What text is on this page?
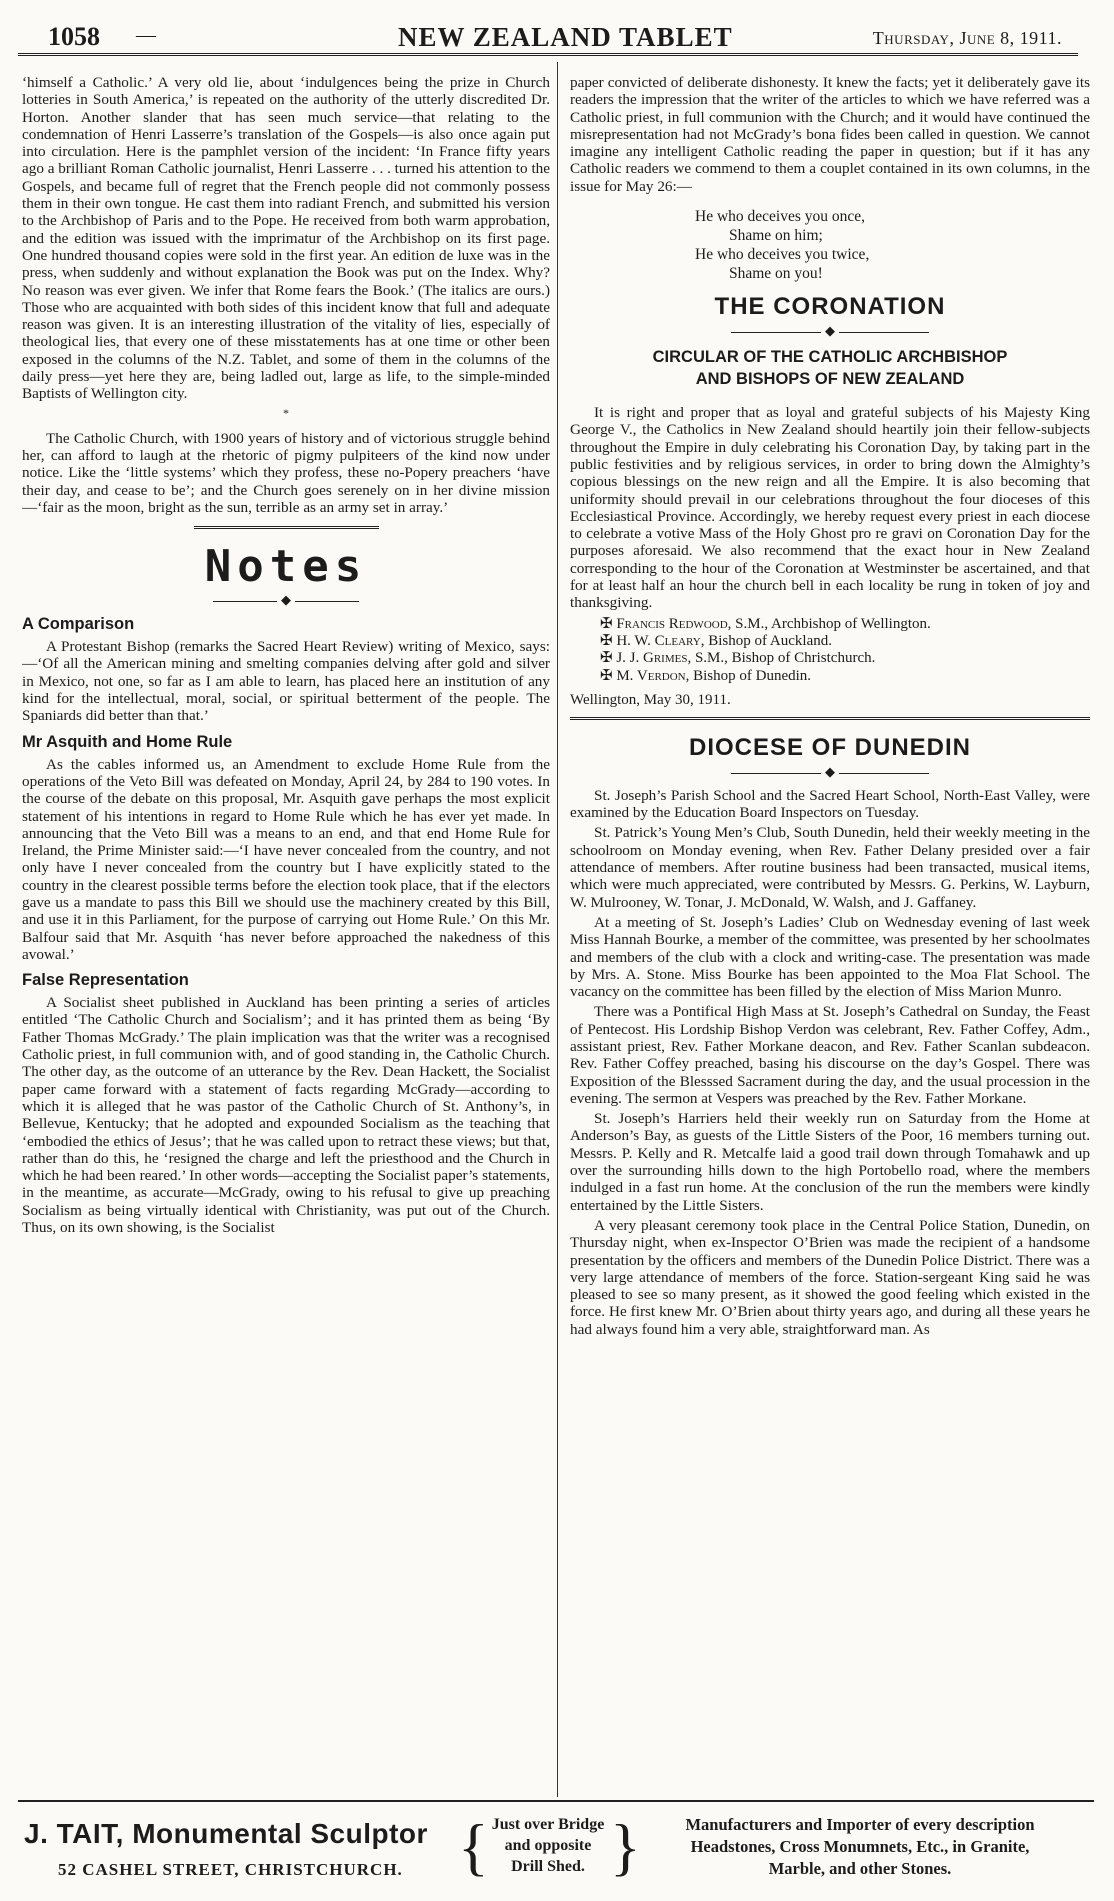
1058 —	NEW ZEALAND TABLET	Thursday, June 8, 1911.

‘himself a Catholic.’ A very old lie, about ‘indulgences being the prize in Church lotteries in South America,’ is repeated on the authority of the utterly discredited Dr. Horton. Another slander that has seen much service—that relating to the condemnation of Henri Lasserre’s translation of the Gospels—is also once again put into circulation. Here is the pamphlet version of the incident: ‘In France fifty years ago a brilliant Roman Catholic journalist, Henri Lasserre . . . turned his attention to the Gospels, and became full of regret that the French people did not commonly possess them in their own tongue. He cast them into radiant French, and submitted his version to the Archbishop of Paris and to the Pope. He received from both warm approbation, and the edition was issued with the imprimatur of the Archbishop on its first page. One hundred thousand copies were sold in the first year. An edition de luxe was in the press, when suddenly and without explanation the Book was put on the Index. Why? No reason was ever given. We infer that Rome fears the Book.’ (The italics are ours.) Those who are acquainted with both sides of this incident know that full and adequate reason was given. It is an interesting illustration of the vitality of lies, especially of theological lies, that every one of these misstatements has at one time or other been exposed in the columns of the N.Z. Tablet, and some of them in the columns of the daily press—yet here they are, being ladled out, large as life, to the simple-minded Baptists of Wellington city.

*

The Catholic Church, with 1900 years of history and of victorious struggle behind her, can afford to laugh at the rhetoric of pigmy pulpiteers of the kind now under notice. Like the ‘little systems’ which they profess, these no-Popery preachers ‘have their day, and cease to be’; and the Church goes serenely on in her divine mission—‘fair as the moon, bright as the sun, terrible as an army set in array.’

Notes
◆
A Comparison

A Protestant Bishop (remarks the Sacred Heart Review) writing of Mexico, says:—‘Of all the American mining and smelting companies delving after gold and silver in Mexico, not one, so far as I am able to learn, has placed here an institution of any kind for the intellectual, moral, social, or spiritual betterment of the people. The Spaniards did better than that.’

Mr Asquith and Home Rule

As the cables informed us, an Amendment to exclude Home Rule from the operations of the Veto Bill was defeated on Monday, April 24, by 284 to 190 votes. In the course of the debate on this proposal, Mr. Asquith gave perhaps the most explicit statement of his intentions in regard to Home Rule which he has ever yet made. In announcing that the Veto Bill was a means to an end, and that end Home Rule for Ireland, the Prime Minister said:—‘I have never concealed from the country, and not only have I never concealed from the country but I have explicitly stated to the country in the clearest possible terms before the election took place, that if the electors gave us a mandate to pass this Bill we should use the machinery created by this Bill, and use it in this Parliament, for the purpose of carrying out Home Rule.’ On this Mr. Balfour said that Mr. Asquith ‘has never before approached the nakedness of this avowal.’

False Representation

A Socialist sheet published in Auckland has been printing a series of articles entitled ‘The Catholic Church and Socialism’; and it has printed them as being ‘By Father Thomas McGrady.’ The plain implication was that the writer was a recognised Catholic priest, in full communion with, and of good standing in, the Catholic Church. The other day, as the outcome of an utterance by the Rev. Dean Hackett, the Socialist paper came forward with a statement of facts regarding McGrady—according to which it is alleged that he was pastor of the Catholic Church of St. Anthony’s, in Bellevue, Kentucky; that he adopted and expounded Socialism as the teaching that ‘embodied the ethics of Jesus’; that he was called upon to retract these views; but that, rather than do this, he ‘resigned the charge and left the priesthood and the Church in which he had been reared.’ In other words—accepting the Socialist paper’s statements, in the meantime, as accurate—McGrady, owing to his refusal to give up preaching Socialism as being virtually identical with Christianity, was put out of the Church. Thus, on its own showing, is the Socialist

paper convicted of deliberate dishonesty. It knew the facts; yet it deliberately gave its readers the impression that the writer of the articles to which we have referred was a Catholic priest, in full communion with the Church; and it would have continued the misrepresentation had not McGrady’s bona fides been called in question. We cannot imagine any intelligent Catholic reading the paper in question; but if it has any Catholic readers we commend to them a couplet contained in its own columns, in the issue for May 26:—

He who deceives you once,
Shame on him;
He who deceives you twice,
Shame on you!
THE CORONATION
◆
CIRCULAR OF THE CATHOLIC ARCHBISHOP
AND BISHOPS OF NEW ZEALAND

It is right and proper that as loyal and grateful subjects of his Majesty King George V., the Catholics in New Zealand should heartily join their fellow-subjects throughout the Empire in duly celebrating his Coronation Day, by taking part in the public festivities and by religious services, in order to bring down the Almighty’s copious blessings on the new reign and all the Empire. It is also becoming that uniformity should prevail in our celebrations throughout the four dioceses of this Ecclesiastical Province. Accordingly, we hereby request every priest in each diocese to celebrate a votive Mass of the Holy Ghost pro re gravi on Coronation Day for the purposes aforesaid. We also recommend that the exact hour in New Zealand corresponding to the hour of the Coronation at Westminster be ascertained, and that for at least half an hour the church bell in each locality be rung in token of joy and thanksgiving.

✠ Francis Redwood, S.M., Archbishop of Wellington.
✠ H. W. Cleary, Bishop of Auckland.
✠ J. J. Grimes, S.M., Bishop of Christchurch.
✠ M. Verdon, Bishop of Dunedin.
Wellington, May 30, 1911.
DIOCESE OF DUNEDIN
◆

St. Joseph’s Parish School and the Sacred Heart School, North-East Valley, were examined by the Education Board Inspectors on Tuesday.

St. Patrick’s Young Men’s Club, South Dunedin, held their weekly meeting in the schoolroom on Monday evening, when Rev. Father Delany presided over a fair attendance of members. After routine business had been transacted, musical items, which were much appreciated, were contributed by Messrs. G. Perkins, W. Layburn, W. Mulrooney, W. Tonar, J. McDonald, W. Walsh, and J. Gaffaney.

At a meeting of St. Joseph’s Ladies’ Club on Wednesday evening of last week Miss Hannah Bourke, a member of the committee, was presented by her schoolmates and members of the club with a clock and writing-case. The presentation was made by Mrs. A. Stone. Miss Bourke has been appointed to the Moa Flat School. The vacancy on the committee has been filled by the election of Miss Marion Munro.

There was a Pontifical High Mass at St. Joseph’s Cathedral on Sunday, the Feast of Pentecost. His Lordship Bishop Verdon was celebrant, Rev. Father Coffey, Adm., assistant priest, Rev. Father Morkane deacon, and Rev. Father Scanlan subdeacon. Rev. Father Coffey preached, basing his discourse on the day’s Gospel. There was Exposition of the Blesssed Sacrament during the day, and the usual procession in the evening. The sermon at Vespers was preached by the Rev. Father Morkane.

St. Joseph’s Harriers held their weekly run on Saturday from the Home at Anderson’s Bay, as guests of the Little Sisters of the Poor, 16 members turning out. Messrs. P. Kelly and R. Metcalfe laid a good trail down through Tomahawk and up over the surrounding hills down to the high Portobello road, where the members indulged in a fast run home. At the conclusion of the run the members were kindly entertained by the Little Sisters.

A very pleasant ceremony took place in the Central Police Station, Dunedin, on Thursday night, when ex-Inspector O’Brien was made the recipient of a handsome presentation by the officers and members of the Dunedin Police District. There was a very large attendance of members of the force. Station-sergeant King said he was pleased to see so many present, as it showed the good feeling which existed in the force. He first knew Mr. O’Brien about thirty years ago, and during all these years he had always found him a very able, straightforward man. As

J. TAIT, Monumental Sculptor
52 CASHEL STREET, CHRISTCHURCH. { Just over Bridge
and opposite
Drill Shed. }	Manufacturers and Importer of every description
Headstones, Cross Monumnets, Etc., in Granite,
Marble, and other Stones.
